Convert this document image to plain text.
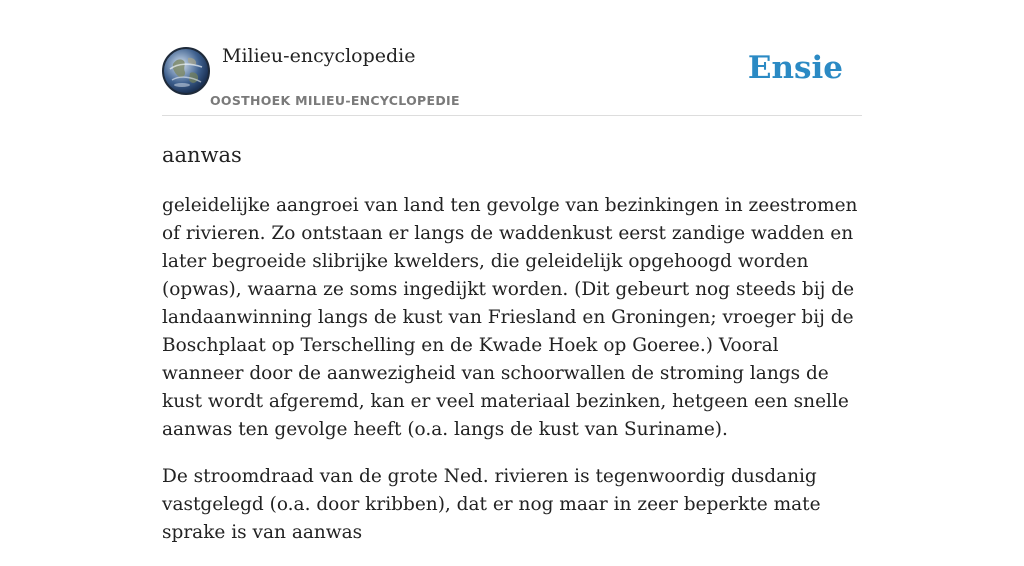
Milieu-encyclopedie
OOSTHOEK MILIEU-ENCYCLOPEDIE
Ensie
aanwas

geleidelijke aangroei van land ten gevolge van bezinkingen in zeestromen of rivieren. Zo ontstaan er langs de waddenkust eerst zandige wadden en later begroeide slibrijke kwelders, die geleidelijk opgehoogd worden (opwas), waarna ze soms ingedijkt worden. (Dit gebeurt nog steeds bij de landaanwinning langs de kust van Friesland en Groningen; vroeger bij de Boschplaat op Terschelling en de Kwade Hoek op Goeree.) Vooral wanneer door de aanwezigheid van schoorwallen de stroming langs de kust wordt afgeremd, kan er veel materiaal bezinken, hetgeen een snelle aanwas ten gevolge heeft (o.a. langs de kust van Suriname).

De stroomdraad van de grote Ned. rivieren is tegenwoordig dusdanig vastgelegd (o.a. door kribben), dat er nog maar in zeer beperkte mate sprake is van aanwas
